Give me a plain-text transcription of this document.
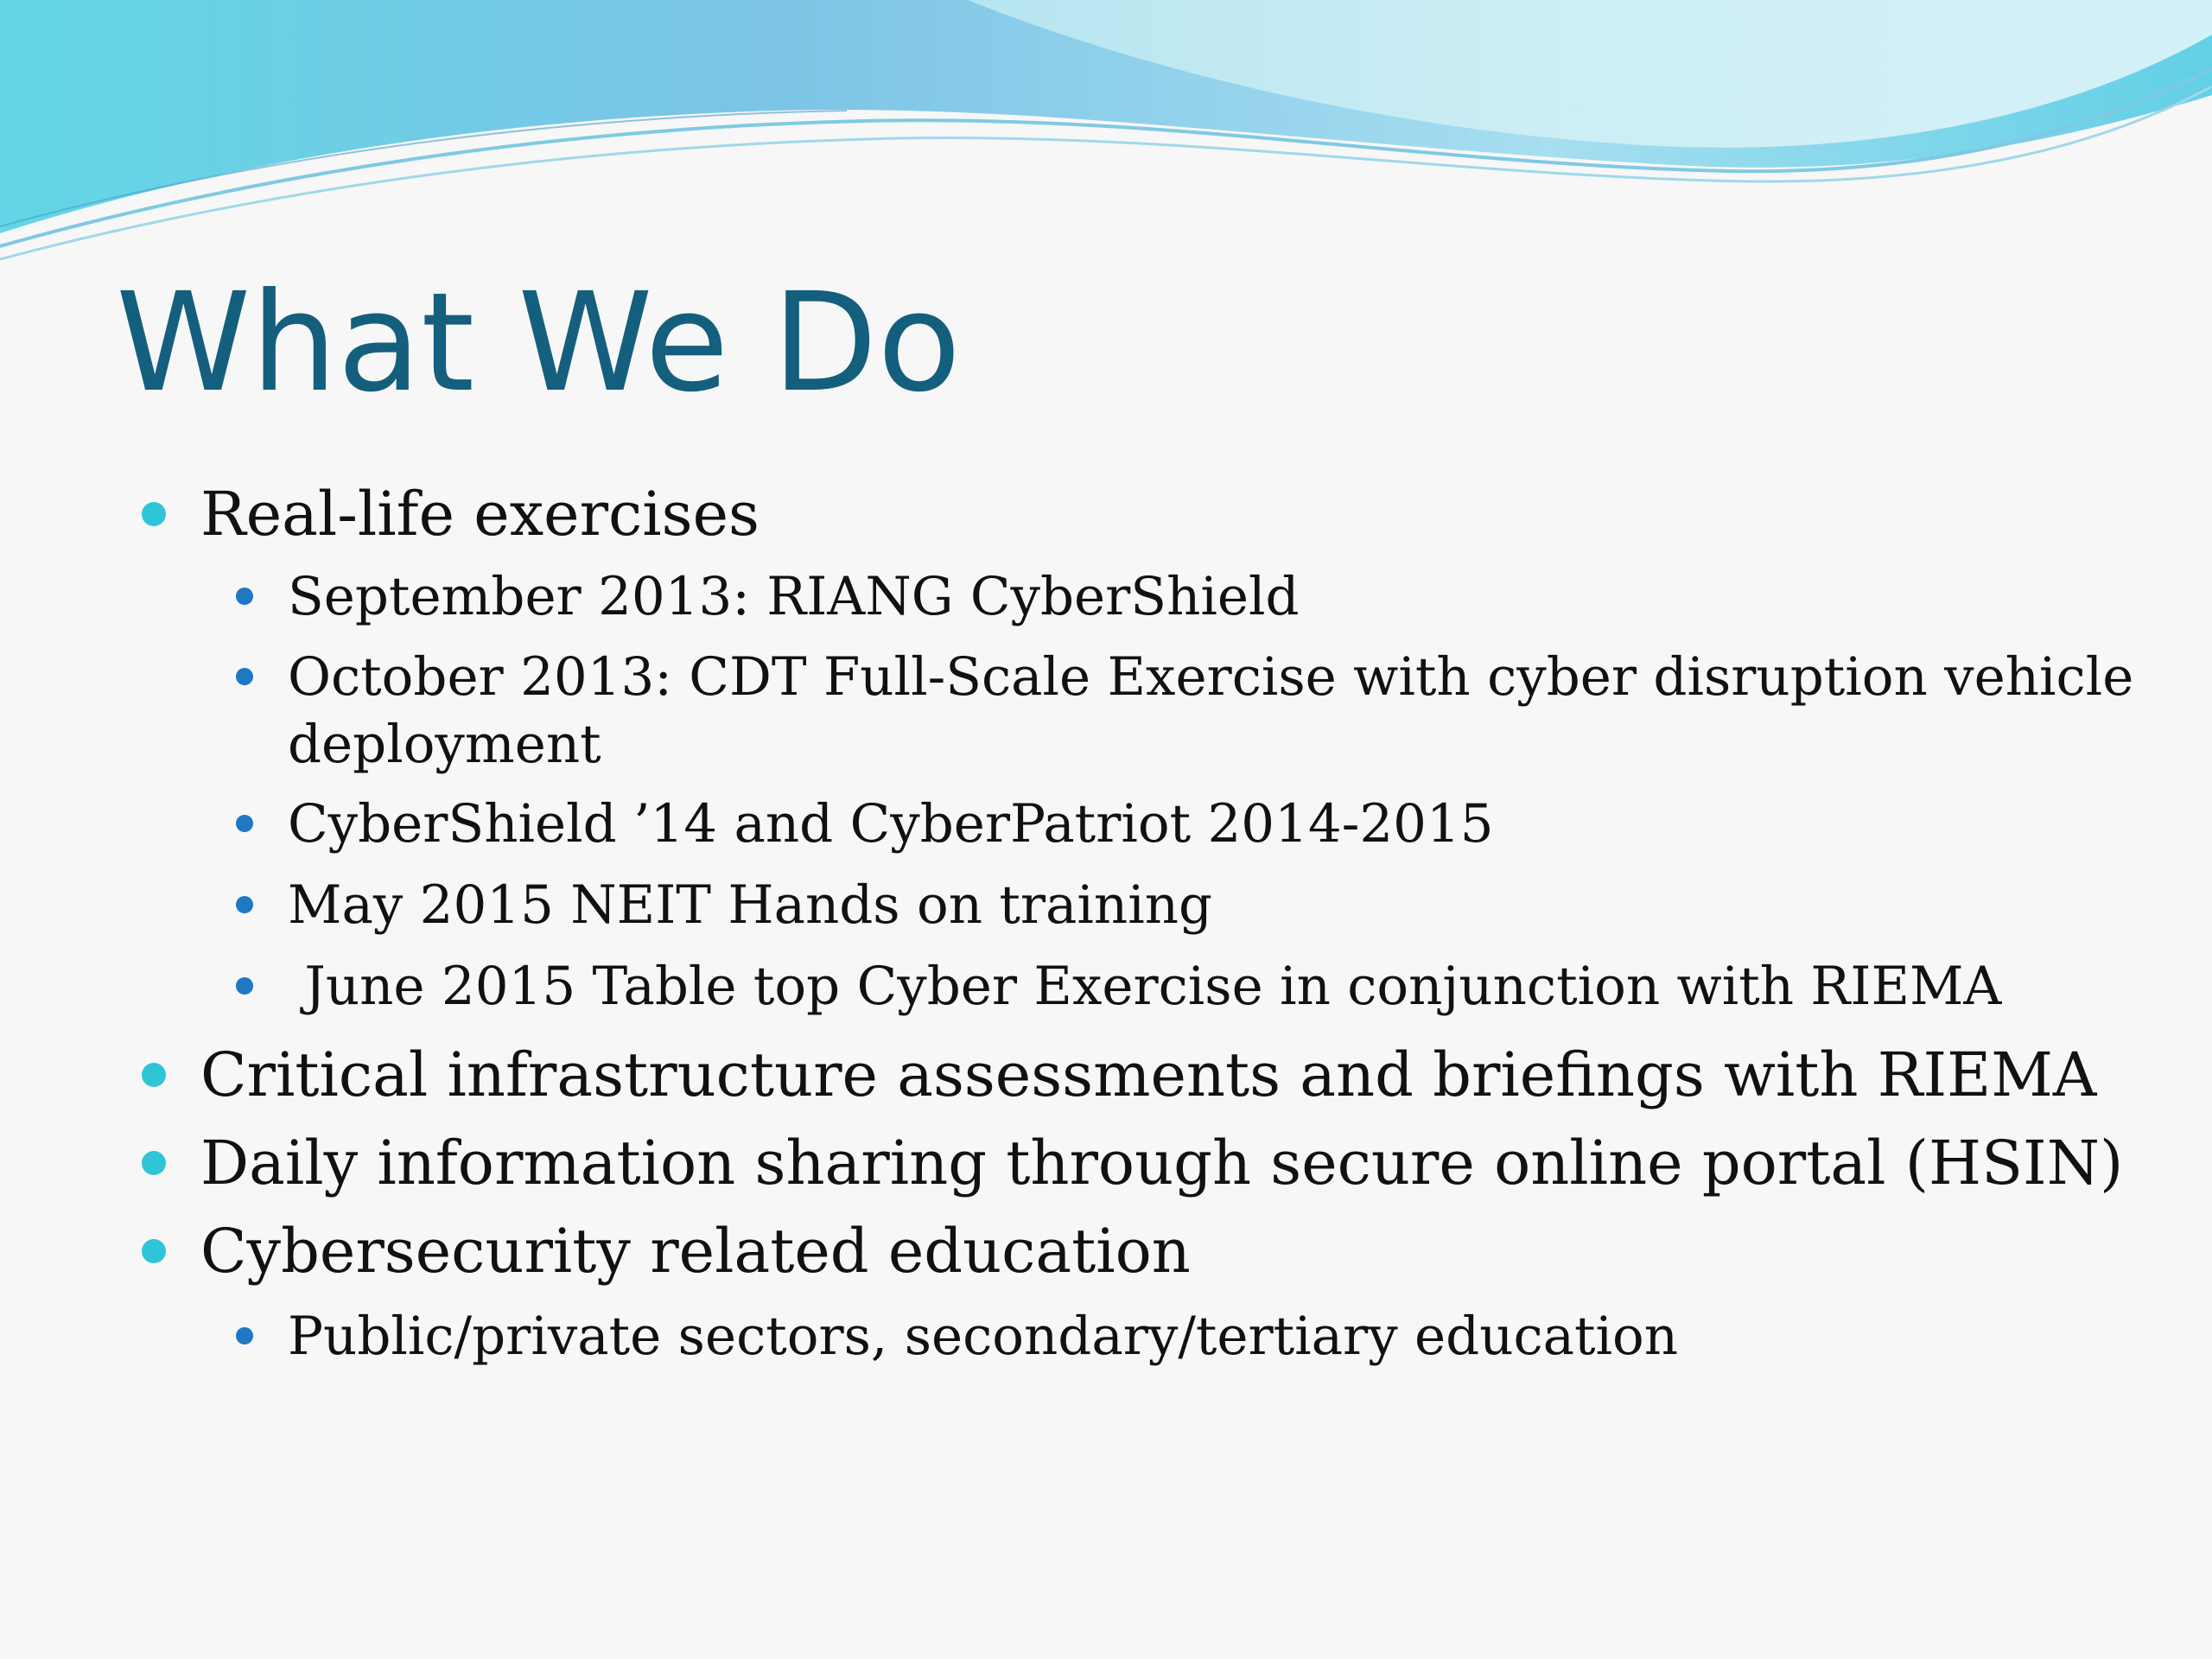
What We Do
Real-life exercises
September 2013: RIANG CyberShield
October 2013: CDT Full-Scale Exercise with cyber disruption vehicle deployment
CyberShield ’14 and CyberPatriot 2014-2015
May 2015 NEIT Hands on training
June 2015 Table top Cyber Exercise in conjunction with RIEMA
Critical infrastructure assessments and briefings with RIEMA
Daily information sharing through secure online portal (HSIN)
Cybersecurity related education
Public/private sectors, secondary/tertiary education
